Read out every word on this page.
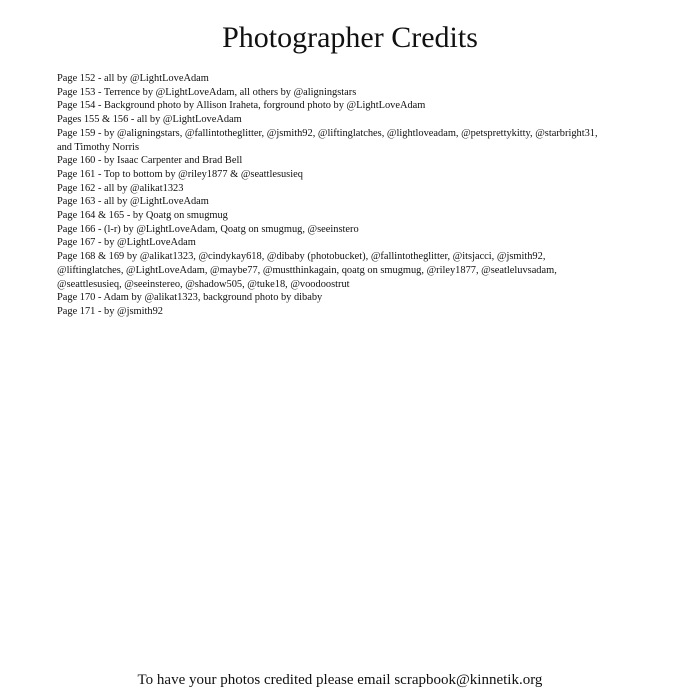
Photographer Credits
Page 152 - all by @LightLoveAdam
Page 153 - Terrence by @LightLoveAdam, all others by @aligningstars
Page 154 - Background photo by Allison Iraheta, forground photo by @LightLoveAdam
Pages 155 & 156 - all by @LightLoveAdam
Page 159 - by @aligningstars, @fallintotheglitter, @jsmith92, @liftinglatches, @lightloveadam, @petsprettykitty, @starbright31,
and Timothy Norris
Page 160 - by Isaac Carpenter and Brad Bell
Page 161 - Top to bottom by @riley1877 & @seattlesusieq
Page 162 - all by @alikat1323
Page 163 - all by @LightLoveAdam
Page 164 & 165 - by Qoatg on smugmug
Page 166 - (l-r) by @LightLoveAdam, Qoatg on smugmug, @seeinstero
Page 167 - by @LightLoveAdam
Page 168 & 169 by @alikat1323, @cindykay618, @dibaby (photobucket), @fallintotheglitter, @itsjacci, @jsmith92,
@liftinglatches, @LightLoveAdam, @maybe77, @mustthinkagain, qoatg on smugmug, @riley1877, @seatleluvsadam,
@seattlesusieq, @seeinstereo, @shadow505, @tuke18, @voodoostrut
Page 170 - Adam by @alikat1323, background photo by dibaby
Page 171 - by @jsmith92
To have your photos credited please email scrapbook@kinnetik.org
